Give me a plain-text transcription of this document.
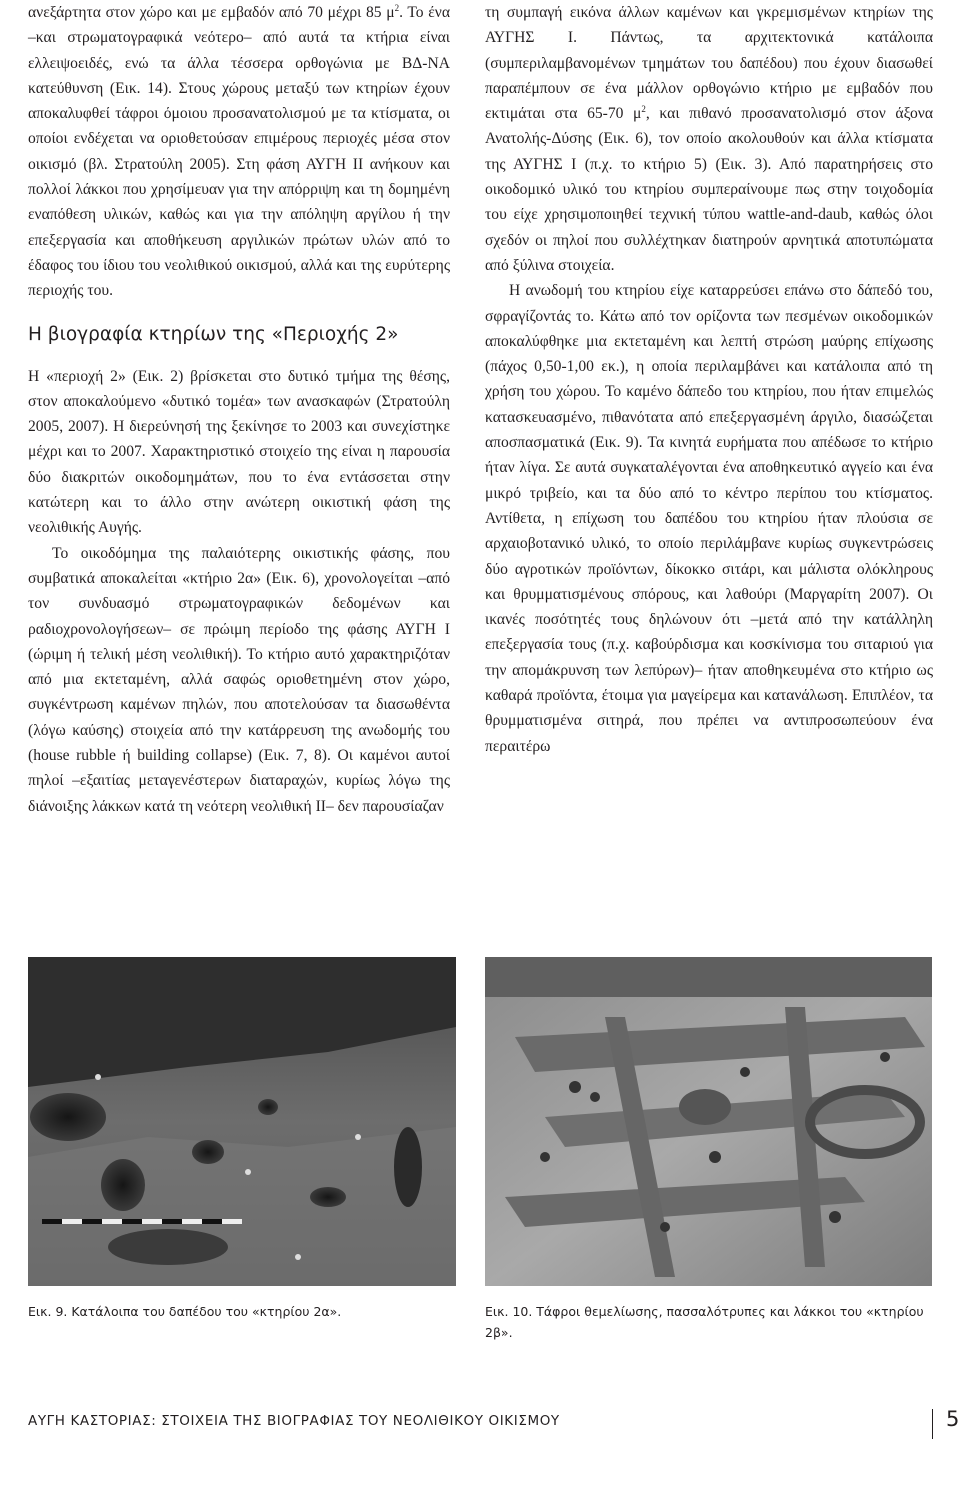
ανεξάρτητα στον χώρο και με εμβαδόν από 70 μέχρι 85 $\mu^2$. Το ένα –και στρωματογραφικά νεότερο– από αυτά τα κτήρια είναι ελλειψοειδές, ενώ τα άλλα τέσσερα ορθογώνια με ΒΔ-ΝΑ κατεύθυνση (Εικ. 14). Στους χώρους μεταξύ των κτηρίων έχουν αποκαλυφθεί τάφροι όμοιου προσανατολισμού με τα κτίσματα, οι οποίοι ενδέχεται να οριοθετούσαν επιμέρους περιοχές μέσα στον οικισμό (βλ. Στρατούλη 2005). Στη φάση ΑΥΓΗ ΙΙ ανήκουν και πολλοί λάκκοι που χρησίμευαν για την απόρριψη και τη δομημένη εναπόθεση υλικών, καθώς και για την απόληψη αργίλου ή την επεξεργασία και αποθήκευση αργιλικών πρώτων υλών από το έδαφος του ίδιου του νεολιθικού οικισμού, αλλά και της ευρύτερης περιοχής του.

Η βιογραφία κτηρίων της «Περιοχής 2»

Η «περιοχή 2» (Εικ. 2) βρίσκεται στο δυτικό τμήμα της θέσης, στον αποκαλούμενο «δυτικό τομέα» των ανασκαφών (Στρατούλη 2005, 2007). Η διερεύνησή της ξεκίνησε το 2003 και συνεχίστηκε μέχρι και το 2007. Χαρακτηριστικό στοιχείο της είναι η παρουσία δύο διακριτών οικοδομημάτων, που το ένα εντάσσεται στην κατώτερη και το άλλο στην ανώτερη οικιστική φάση της νεολιθικής Αυγής.

Το οικοδόμημα της παλαιότερης οικιστικής φάσης, που συμβατικά αποκαλείται «κτήριο 2α» (Εικ. 6), χρονολογείται –από τον συνδυασμό στρωματογραφικών δεδομένων και ραδιοχρονολογήσεων– σε πρώιμη περίοδο της φάσης ΑΥΓΗ Ι (ώριμη ή τελική μέση νεολιθική). Το κτήριο αυτό χαρακτηριζόταν από μια εκτεταμένη, αλλά σαφώς οριοθετημένη στον χώρο, συγκέντρωση καμένων πηλών, που αποτελούσαν τα διασωθέντα (λόγω καύσης) στοιχεία από την κατάρρευση της ανωδομής του (house rubble ή building collapse) (Εικ. 7, 8). Οι καμένοι αυτοί πηλοί –εξαιτίας μεταγενέστερων διαταραχών, κυρίως λόγω της διάνοιξης λάκκων κατά τη νεότερη νεολιθική ΙΙ– δεν παρουσίαζαν

τη συμπαγή εικόνα άλλων καμένων και γκρεμισμένων κτηρίων της ΑΥΓΗΣ Ι. Πάντως, τα αρχιτεκτονικά κατάλοιπα (συμπεριλαμβανομένων τμημάτων του δαπέδου) που έχουν διασωθεί παραπέμπουν σε ένα μάλλον ορθογώνιο κτήριο με εμβαδόν που εκτιμάται στα 65-70 $\mu^2$, και πιθανό προσανατολισμό στον άξονα Ανατολής-Δύσης (Εικ. 6), τον οποίο ακολουθούν και άλλα κτίσματα της ΑΥΓΗΣ Ι (π.χ. το κτήριο 5) (Εικ. 3). Από παρατηρήσεις στο οικοδομικό υλικό του κτηρίου συμπεραίνουμε πως στην τοιχοδομία του είχε χρησιμοποιηθεί τεχνική τύπου wattle-and-daub, καθώς όλοι σχεδόν οι πηλοί που συλλέχτηκαν διατηρούν αρνητικά αποτυπώματα από ξύλινα στοιχεία.

Η ανωδομή του κτηρίου είχε καταρρεύσει επάνω στο δάπεδό του, σφραγίζοντάς το. Κάτω από τον ορίζοντα των πεσμένων οικοδομικών αποκαλύφθηκε μια εκτεταμένη και λεπτή στρώση μαύρης επίχωσης (πάχος 0,50-1,00 εκ.), η οποία περιλαμβάνει και κατάλοιπα από τη χρήση του χώρου. Το καμένο δάπεδο του κτηρίου, που ήταν επιμελώς κατασκευασμένο, πιθανότατα από επεξεργασμένη άργιλο, διασώζεται αποσπασματικά (Εικ. 9). Τα κινητά ευρήματα που απέδωσε το κτήριο ήταν λίγα. Σε αυτά συγκαταλέγονται ένα αποθηκευτικό αγγείο και ένα μικρό τριβείο, και τα δύο από το κέντρο περίπου του κτίσματος. Αντίθετα, η επίχωση του δαπέδου του κτηρίου ήταν πλούσια σε αρχαιοβοτανικό υλικό, το οποίο περιλάμβανε κυρίως συγκεντρώσεις δύο αγροτικών προϊόντων, δίκοκκο σιτάρι, και μάλιστα ολόκληρους και θρυμματισμένους σπόρους, και λαθούρι (Μαργαρίτη 2007). Οι ικανές ποσότητές τους δηλώνουν ότι –μετά από την κατάλληλη επεξεργασία τους (π.χ. καβούρδισμα και κοσκίνισμα του σιταριού για την απομάκρυνση των λεπύρων)– ήταν αποθηκευμένα στο κτήριο ως καθαρά προϊόντα, έτοιμα για μαγείρεμα και κατανάλωση. Επιπλέον, τα θρυμματισμένα σιτηρά, που πρέπει να αντιπροσωπεύουν ένα περαιτέρω

Εικ. 9. Κατάλοιπα του δαπέδου του «κτηρίου 2α».	Εικ. 10. Τάφροι θεμελίωσης, πασσαλότρυπες και λάκκοι του «κτηρίου 2β».
ΑΥΓΗ ΚΑΣΤΟΡΙΑΣ: ΣΤΟΙΧΕΙΑ ΤΗΣ ΒΙΟΓΡΑΦΙΑΣ ΤΟΥ ΝΕΟΛΙΘΙΚΟΥ ΟΙΚΙΣΜΟΥ	5
